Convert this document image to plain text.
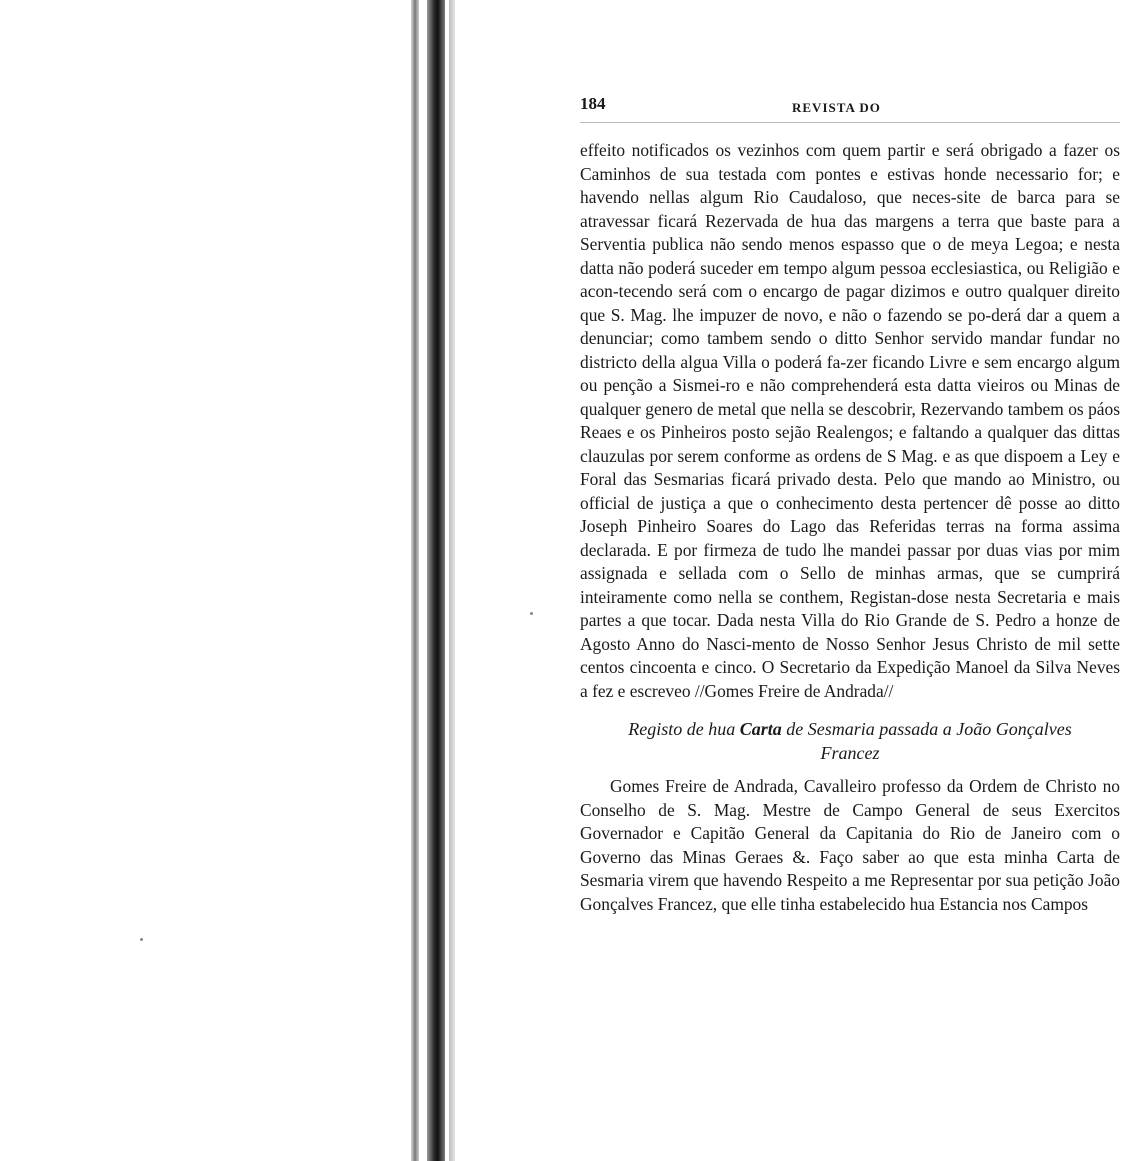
184	REVISTA DO

effeito notificados os vezinhos com quem partir e será obrigado a fazer os Caminhos de sua testada com pontes e estivas honde necessario for; e havendo nellas algum Rio Caudaloso, que neces-site de barca para se atravessar ficará Rezervada de hua das margens a terra que baste para a Serventia publica não sendo menos espasso que o de meya Legoa; e nesta datta não poderá suceder em tempo algum pessoa ecclesiastica, ou Religião e acon-tecendo será com o encargo de pagar dizimos e outro qualquer direito que S. Mag. lhe impuzer de novo, e não o fazendo se po-derá dar a quem a denunciar; como tambem sendo o ditto Senhor servido mandar fundar no districto della algua Villa o poderá fa-zer ficando Livre e sem encargo algum ou penção a Sismei-ro e não comprehenderá esta datta vieiros ou Minas de qualquer genero de metal que nella se descobrir, Rezervando tambem os páos Reaes e os Pinheiros posto sejão Realengos; e faltando a qualquer das dittas clauzulas por serem conforme as ordens de S Mag. e as que dispoem a Ley e Foral das Sesmarias ficará privado desta. Pelo que mando ao Ministro, ou official de justiça a que o conhecimento desta pertencer dê posse ao ditto Joseph Pinheiro Soares do Lago das Referidas terras na forma assima declarada. E por firmeza de tudo lhe mandei passar por duas vias por mim assignada e sellada com o Sello de minhas armas, que se cumprirá inteiramente como nella se conthem, Registan-dose nesta Secretaria e mais partes a que tocar. Dada nesta Villa do Rio Grande de S. Pedro a honze de Agosto Anno do Nasci-mento de Nosso Senhor Jesus Christo de mil sette centos cincoenta e cinco. O Secretario da Expedição Manoel da Silva Neves a fez e escreveo //Gomes Freire de Andrada//

Registo de hua Carta de Sesmaria passada a João Gonçalves
Francez

Gomes Freire de Andrada, Cavalleiro professo da Ordem de Christo no Conselho de S. Mag. Mestre de Campo General de seus Exercitos Governador e Capitão General da Capitania do Rio de Janeiro com o Governo das Minas Geraes &. Faço saber ao que esta minha Carta de Sesmaria virem que havendo Respeito a me Representar por sua petição João Gonçalves Francez, que elle tinha estabelecido hua Estancia nos Campos
